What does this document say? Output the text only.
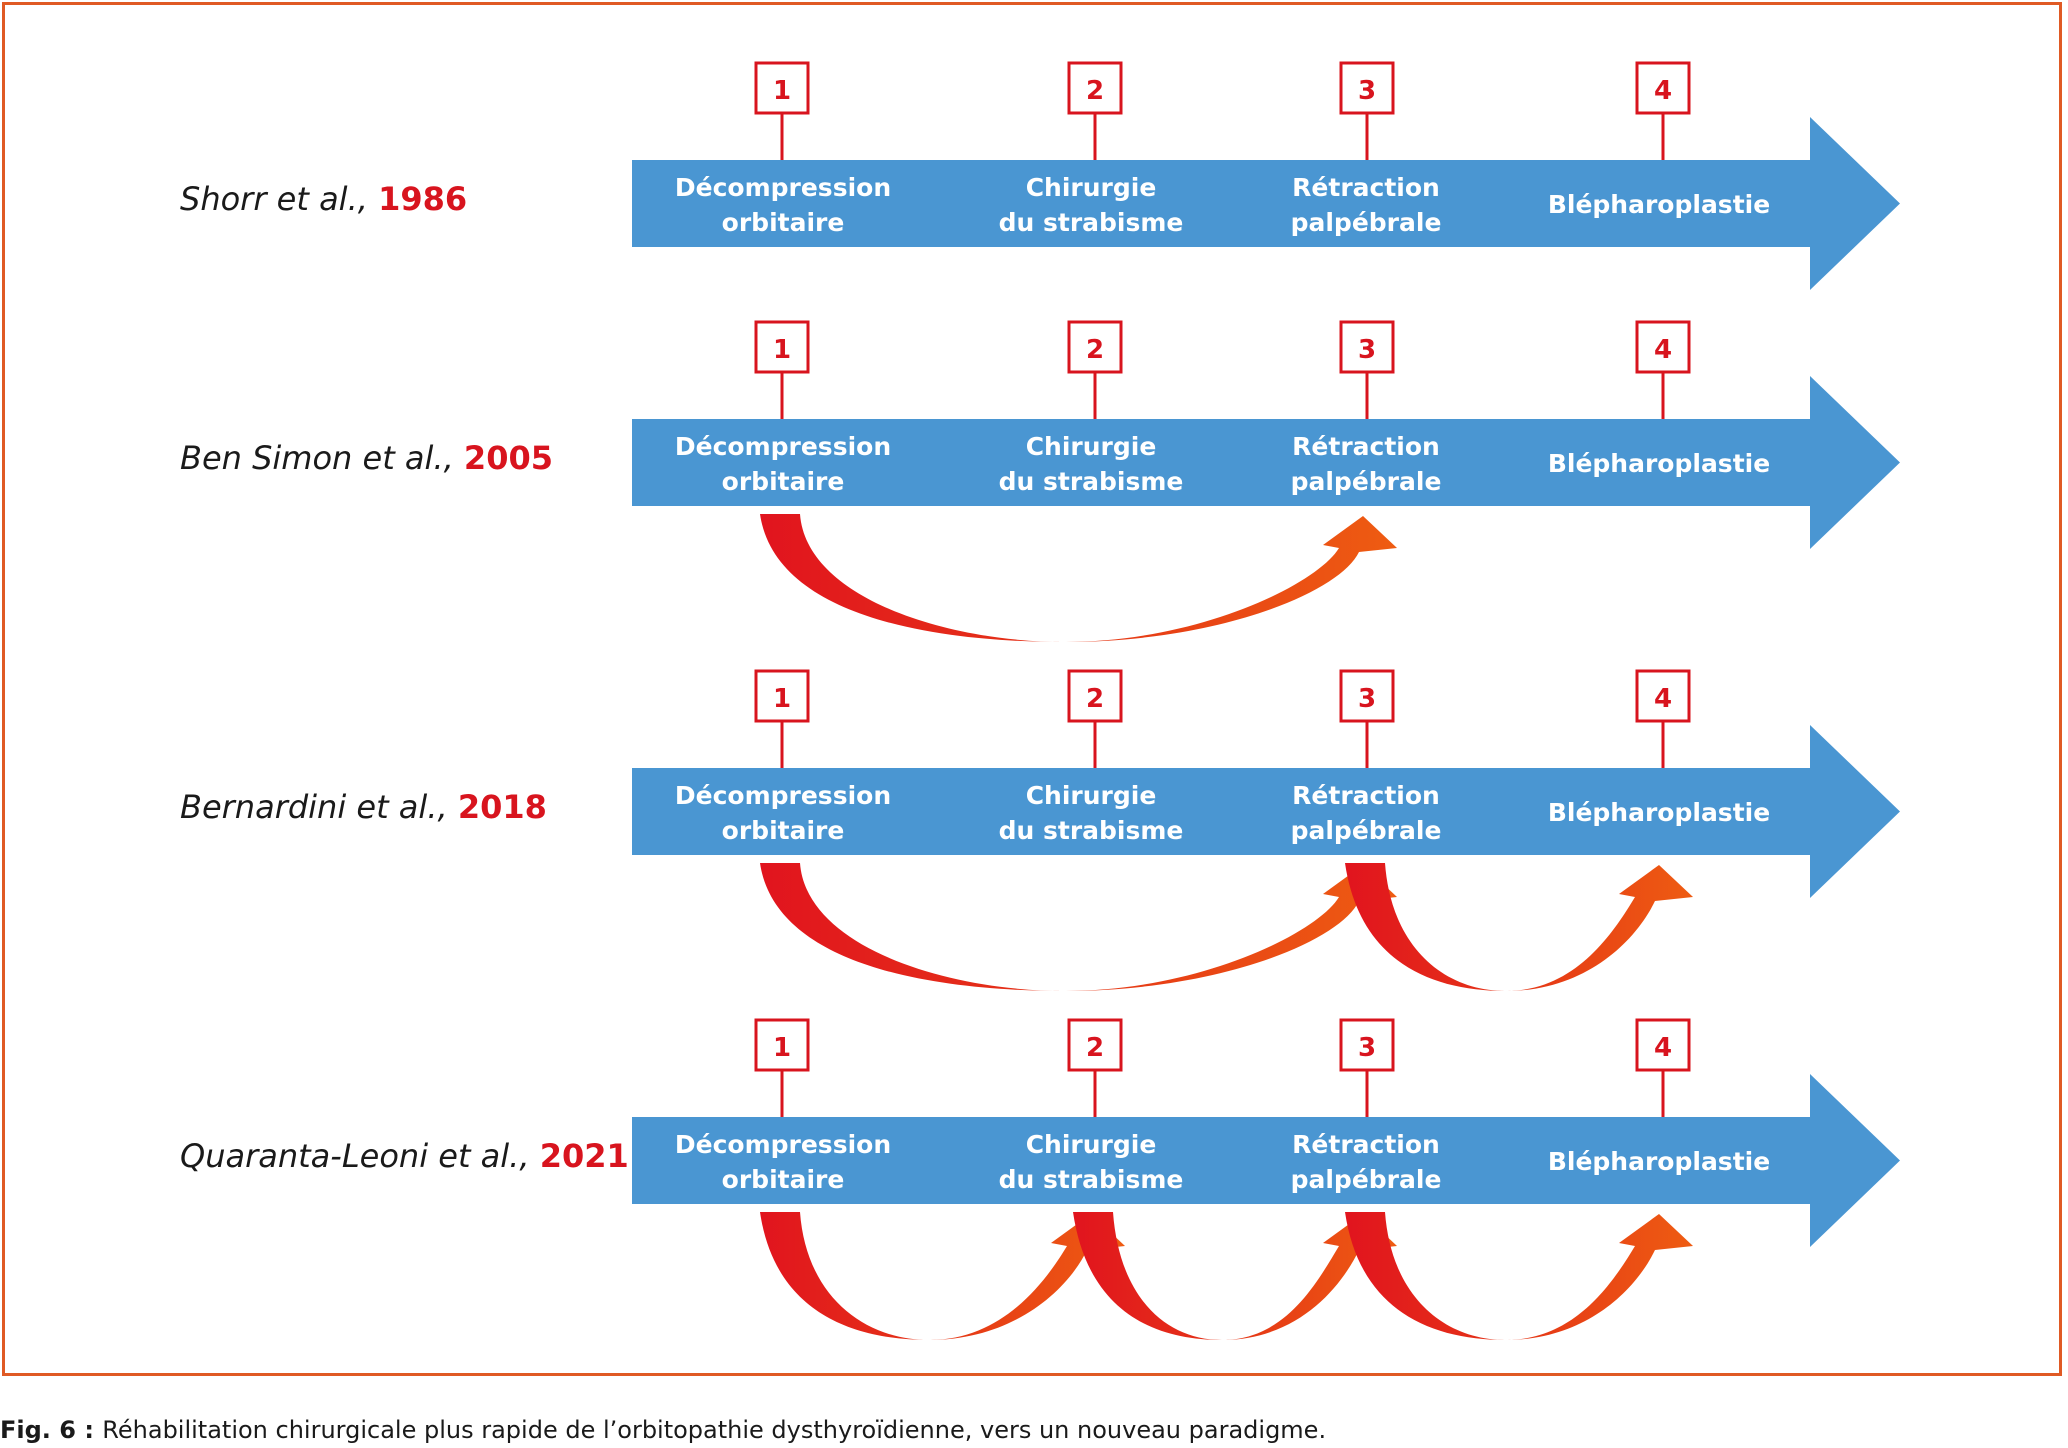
Shorr et al., 1986
1
Décompression
orbitaire
2
Chirurgie
du strabisme
3
Rétraction
palpébrale
4
Blépharoplastie
Ben Simon et al., 2005
1
Décompression
orbitaire
2
Chirurgie
du strabisme
3
Rétraction
palpébrale
4
Blépharoplastie
Bernardini et al., 2018
1
Décompression
orbitaire
2
Chirurgie
du strabisme
3
Rétraction
palpébrale
4
Blépharoplastie
Quaranta-Leoni et al., 2021
1
Décompression
orbitaire
2
Chirurgie
du strabisme
3
Rétraction
palpébrale
4
Blépharoplastie
Fig. 6 : Réhabilitation chirurgicale plus rapide de l’orbitopathie dysthyroïdienne, vers un nouveau paradigme.
